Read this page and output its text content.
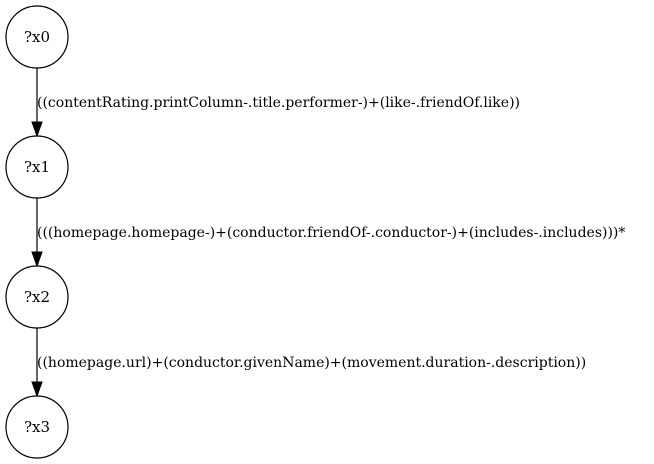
((contentRating.printColumn-.title.performer-)+(like-.friendOf.like))
(((homepage.homepage-)+(conductor.friendOf-.conductor-)+(includes-.includes)))*
((homepage.url)+(conductor.givenName)+(movement.duration-.description))
?x0
?x1
?x2
?x3
